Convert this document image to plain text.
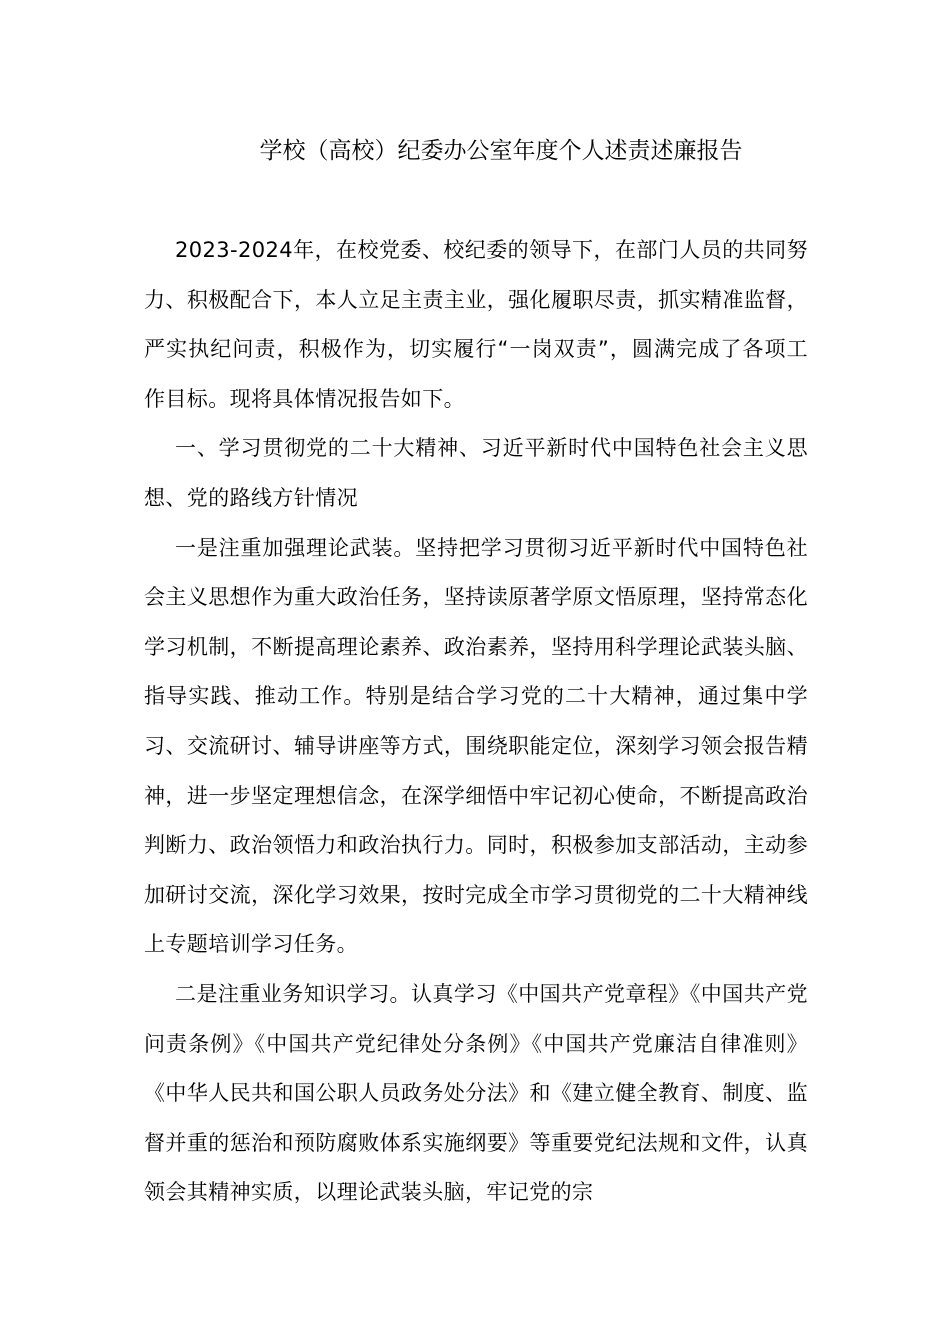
学校（高校）纪委办公室年度个人述责述廉报告

2023-2024年，在校党委、校纪委的领导下，在部门人员的共同努力、积极配合下，本人立足主责主业，强化履职尽责，抓实精准监督，严实执纪问责，积极作为，切实履行“一岗双责”，圆满完成了各项工作目标。现将具体情况报告如下。

一、学习贯彻党的二十大精神、习近平新时代中国特色社会主义思想、党的路线方针情况

一是注重加强理论武装。坚持把学习贯彻习近平新时代中国特色社会主义思想作为重大政治任务，坚持读原著学原文悟原理，坚持常态化学习机制，不断提高理论素养、政治素养，坚持用科学理论武装头脑、指导实践、推动工作。特别是结合学习党的二十大精神，通过集中学习、交流研讨、辅导讲座等方式，围绕职能定位，深刻学习领会报告精神，进一步坚定理想信念，在深学细悟中牢记初心使命，不断提高政治判断力、政治领悟力和政治执行力。同时，积极参加支部活动，主动参加研讨交流，深化学习效果，按时完成全市学习贯彻党的二十大精神线上专题培训学习任务。

二是注重业务知识学习。认真学习《中国共产党章程》《中国共产党问责条例》《中国共产党纪律处分条例》《中国共产党廉洁自律准则》《中华人民共和国公职人员政务处分法》和《建立健全教育、制度、监督并重的惩治和预防腐败体系实施纲要》等重要党纪法规和文件，认真领会其精神实质，以理论武装头脑，牢记党的宗
